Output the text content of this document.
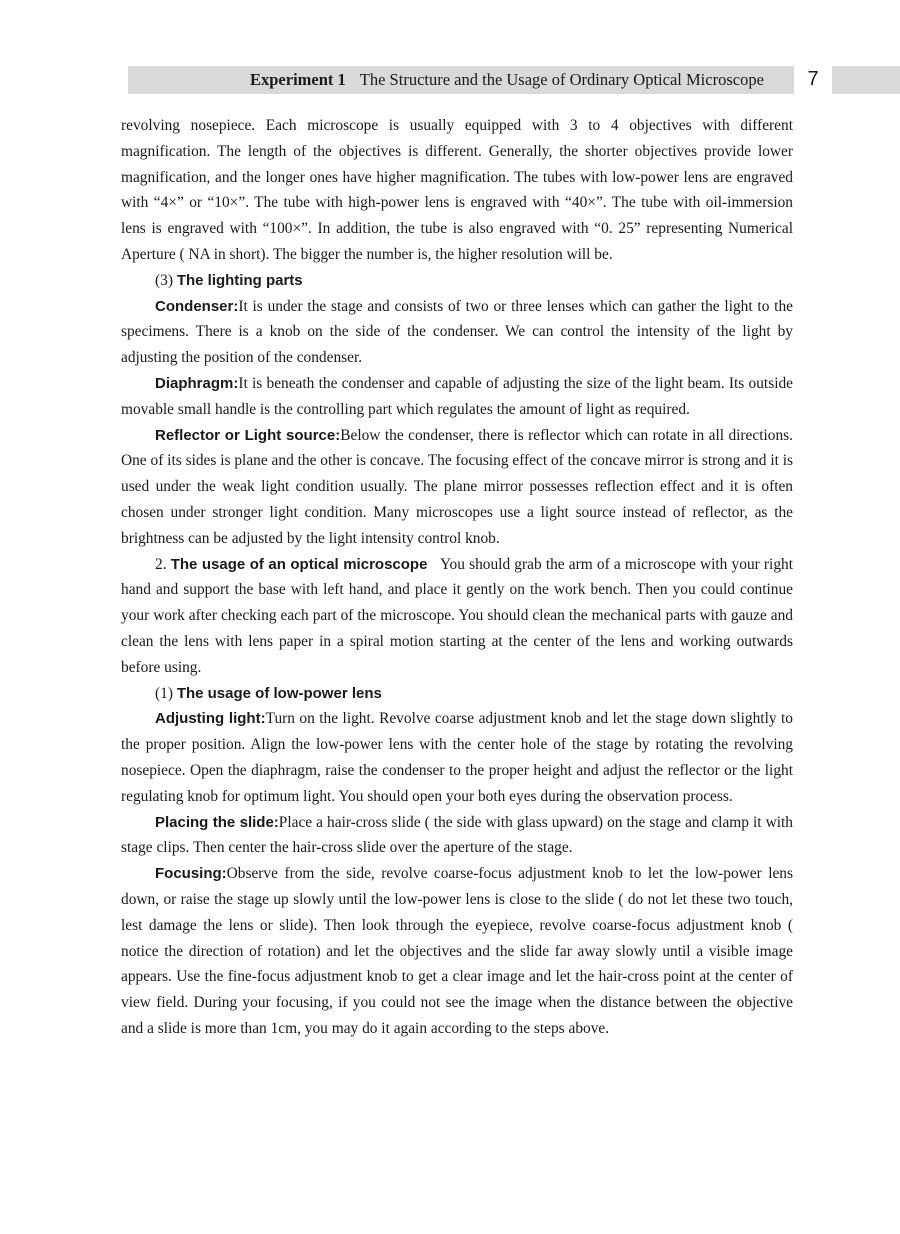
Experiment 1 The Structure and the Usage of Ordinary Optical Microscope	7

revolving nosepiece. Each microscope is usually equipped with 3 to 4 objectives with different magnification. The length of the objectives is different. Generally, the shorter objectives provide lower magnification, and the longer ones have higher magnification. The tubes with low-power lens are engraved with “4×” or “10×”. The tube with high-power lens is engraved with “40×”. The tube with oil-immersion lens is engraved with “100×”. In addition, the tube is also engraved with “0. 25” representing Numerical Aperture ( NA in short). The bigger the number is, the higher resolution will be.

(3) The lighting parts

Condenser:It is under the stage and consists of two or three lenses which can gather the light to the specimens. There is a knob on the side of the condenser. We can control the intensity of the light by adjusting the position of the condenser.

Diaphragm:It is beneath the condenser and capable of adjusting the size of the light beam. Its outside movable small handle is the controlling part which regulates the amount of light as required.

Reflector or Light source:Below the condenser, there is reflector which can rotate in all directions. One of its sides is plane and the other is concave. The focusing effect of the concave mirror is strong and it is used under the weak light condition usually. The plane mirror possesses reflection effect and it is often chosen under stronger light condition. Many microscopes use a light source instead of reflector, as the brightness can be adjusted by the light intensity control knob.

2. The usage of an optical microscope You should grab the arm of a microscope with your right hand and support the base with left hand, and place it gently on the work bench. Then you could continue your work after checking each part of the microscope. You should clean the mechanical parts with gauze and clean the lens with lens paper in a spiral motion starting at the center of the lens and working outwards before using.

(1) The usage of low-power lens

Adjusting light:Turn on the light. Revolve coarse adjustment knob and let the stage down slightly to the proper position. Align the low-power lens with the center hole of the stage by rotating the revolving nosepiece. Open the diaphragm, raise the condenser to the proper height and adjust the reflector or the light regulating knob for optimum light. You should open your both eyes during the observation process.

Placing the slide:Place a hair-cross slide ( the side with glass upward) on the stage and clamp it with stage clips. Then center the hair-cross slide over the aperture of the stage.

Focusing:Observe from the side, revolve coarse-focus adjustment knob to let the low-power lens down, or raise the stage up slowly until the low-power lens is close to the slide ( do not let these two touch, lest damage the lens or slide). Then look through the eyepiece, revolve coarse-focus adjustment knob ( notice the direction of rotation) and let the objectives and the slide far away slowly until a visible image appears. Use the fine-focus adjustment knob to get a clear image and let the hair-cross point at the center of view field. During your focusing, if you could not see the image when the distance between the objective and a slide is more than 1cm, you may do it again according to the steps above.
